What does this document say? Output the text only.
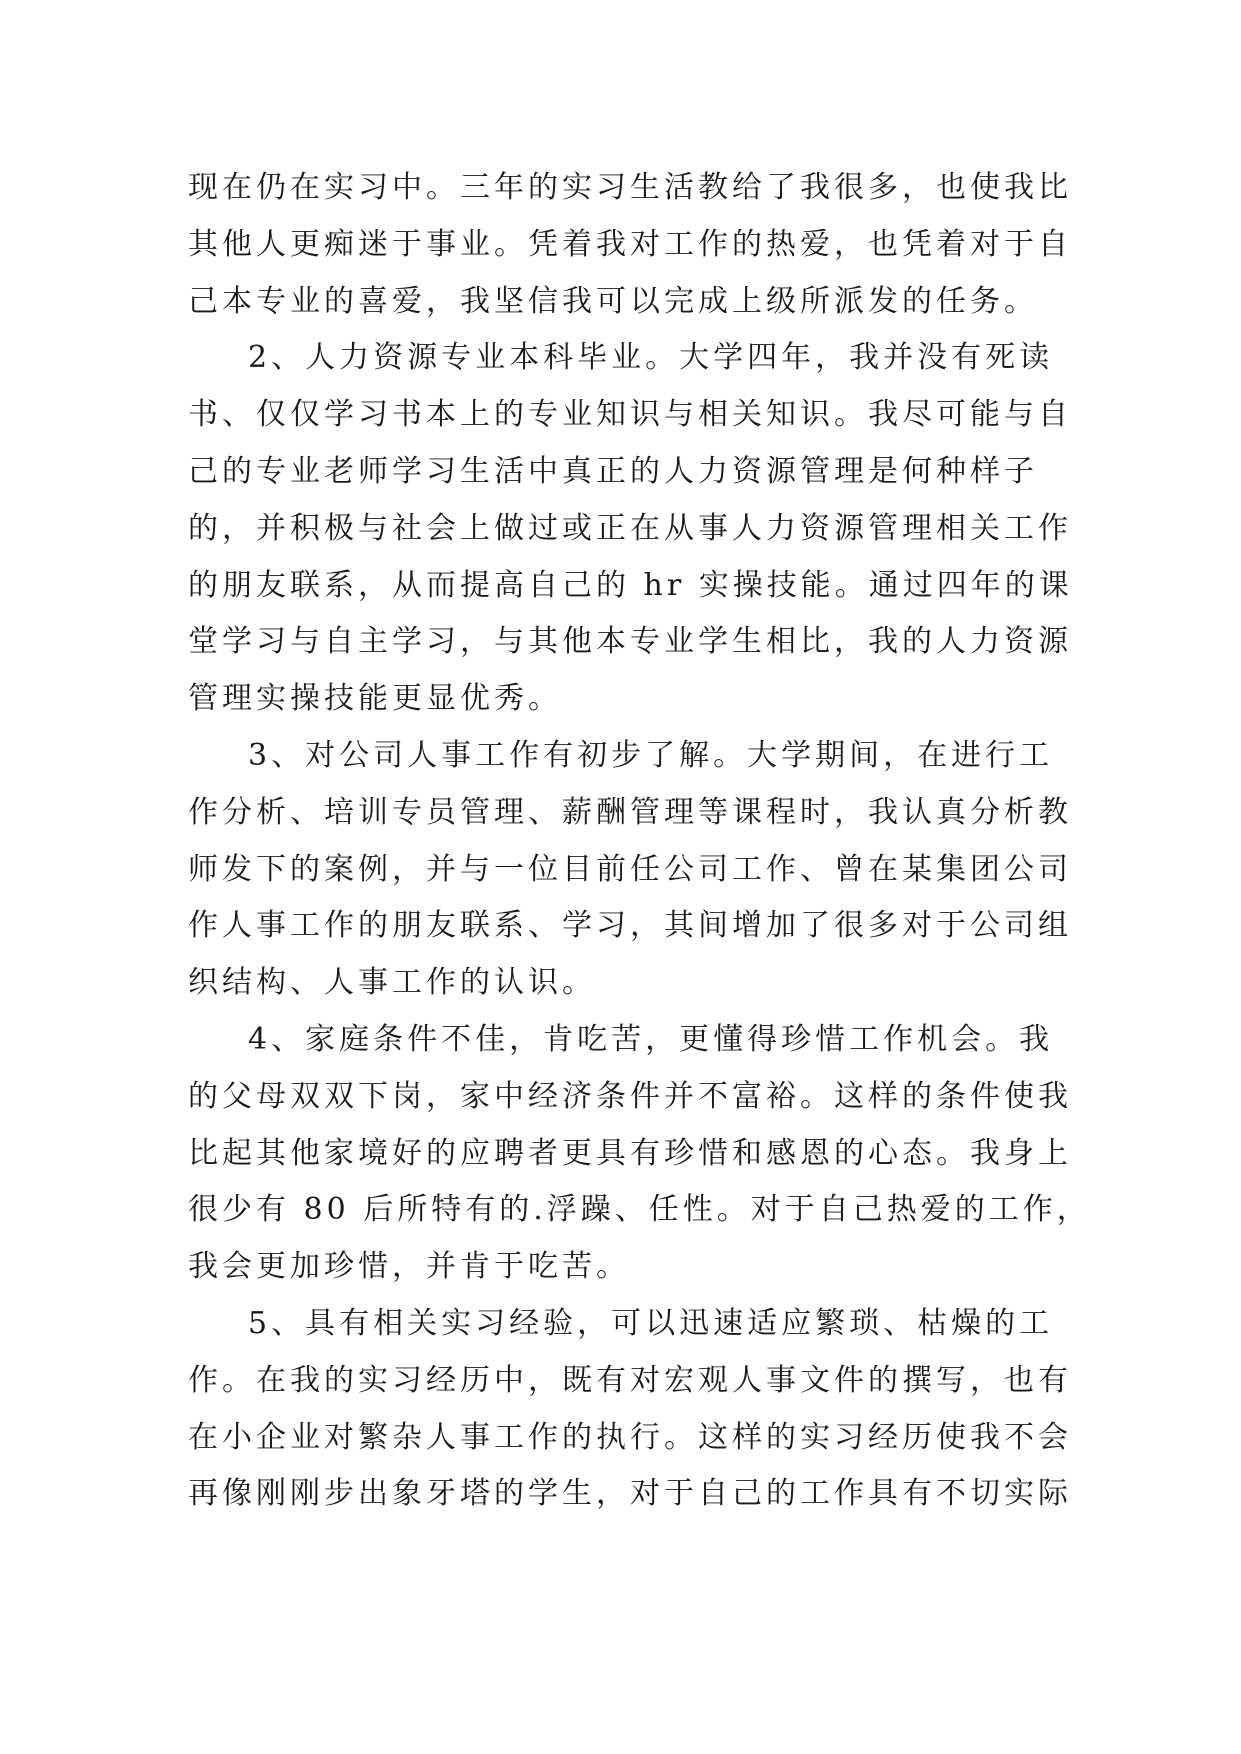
现在仍在实习中。三年的实习生活教给了我很多，也使我比
其他人更痴迷于事业。凭着我对工作的热爱，也凭着对于自
己本专业的喜爱，我坚信我可以完成上级所派发的任务。
2、人力资源专业本科毕业。大学四年，我并没有死读
书、仅仅学习书本上的专业知识与相关知识。我尽可能与自
己的专业老师学习生活中真正的人力资源管理是何种样子
的，并积极与社会上做过或正在从事人力资源管理相关工作
的朋友联系，从而提高自己的 hr 实操技能。通过四年的课
堂学习与自主学习，与其他本专业学生相比，我的人力资源
管理实操技能更显优秀。
3、对公司人事工作有初步了解。大学期间，在进行工
作分析、培训专员管理、薪酬管理等课程时，我认真分析教
师发下的案例，并与一位目前任公司工作、曾在某集团公司
作人事工作的朋友联系、学习，其间增加了很多对于公司组
织结构、人事工作的认识。
4、家庭条件不佳，肯吃苦，更懂得珍惜工作机会。我
的父母双双下岗，家中经济条件并不富裕。这样的条件使我
比起其他家境好的应聘者更具有珍惜和感恩的心态。我身上
很少有 80 后所特有的.浮躁、任性。对于自己热爱的工作，
我会更加珍惜，并肯于吃苦。
5、具有相关实习经验，可以迅速适应繁琐、枯燥的工
作。在我的实习经历中，既有对宏观人事文件的撰写，也有
在小企业对繁杂人事工作的执行。这样的实习经历使我不会
再像刚刚步出象牙塔的学生，对于自己的工作具有不切实际
